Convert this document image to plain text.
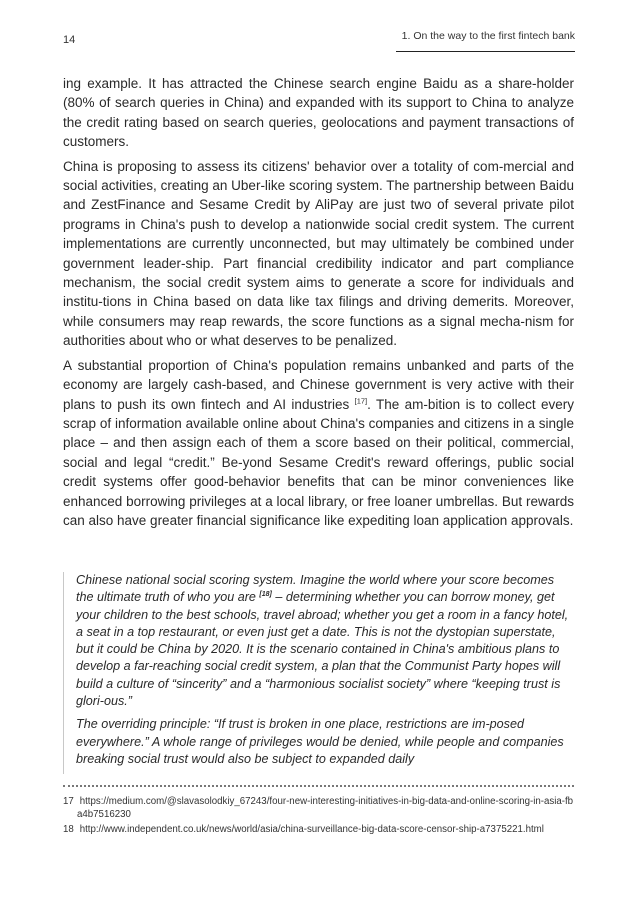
14	1. On the way to the first fintech bank

ing example. It has attracted the Chinese search engine Baidu as a share-holder (80% of search queries in China) and expanded with its support to China to analyze the credit rating based on search queries, geolocations and payment transactions of customers.

China is proposing to assess its citizens' behavior over a totality of com-mercial and social activities, creating an Uber-like scoring system. The partnership between Baidu and ZestFinance and Sesame Credit by AliPay are just two of several private pilot programs in China's push to develop a nationwide social credit system. The current implementations are currently unconnected, but may ultimately be combined under government leader-ship. Part financial credibility indicator and part compliance mechanism, the social credit system aims to generate a score for individuals and institu-tions in China based on data like tax filings and driving demerits. Moreover, while consumers may reap rewards, the score functions as a signal mecha-nism for authorities about who or what deserves to be penalized.

A substantial proportion of China's population remains unbanked and parts of the economy are largely cash-based, and Chinese government is very active with their plans to push its own fintech and AI industries [17]. The am-bition is to collect every scrap of information available online about China's companies and citizens in a single place – and then assign each of them a score based on their political, commercial, social and legal “credit.” Be-yond Sesame Credit's reward offerings, public social credit systems offer good-behavior benefits that can be minor conveniences like enhanced borrowing privileges at a local library, or free loaner umbrellas. But rewards can also have greater financial significance like expediting loan application approvals.

Chinese national social scoring system. Imagine the world where your score becomes the ultimate truth of who you are [18] – determining whether you can borrow money, get your children to the best schools, travel abroad; whether you get a room in a fancy hotel, a seat in a top restaurant, or even just get a date. This is not the dystopian superstate, but it could be China by 2020. It is the scenario contained in China's ambitious plans to develop a far-reaching social credit system, a plan that the Communist Party hopes will build a culture of “sincerity” and a “harmonious socialist society” where “keeping trust is glori-ous.”

The overriding principle: “If trust is broken in one place, restrictions are im-posed everywhere.” A whole range of privileges would be denied, while people and companies breaking social trust would also be subject to expanded daily

17 https://medium.com/@slavasolodkiy_67243/four-new-interesting-initiatives-in-big-data-and-online-scoring-in-asia-fba4b7516230
18 http://www.independent.co.uk/news/world/asia/china-surveillance-big-data-score-censor-ship-a7375221.html
